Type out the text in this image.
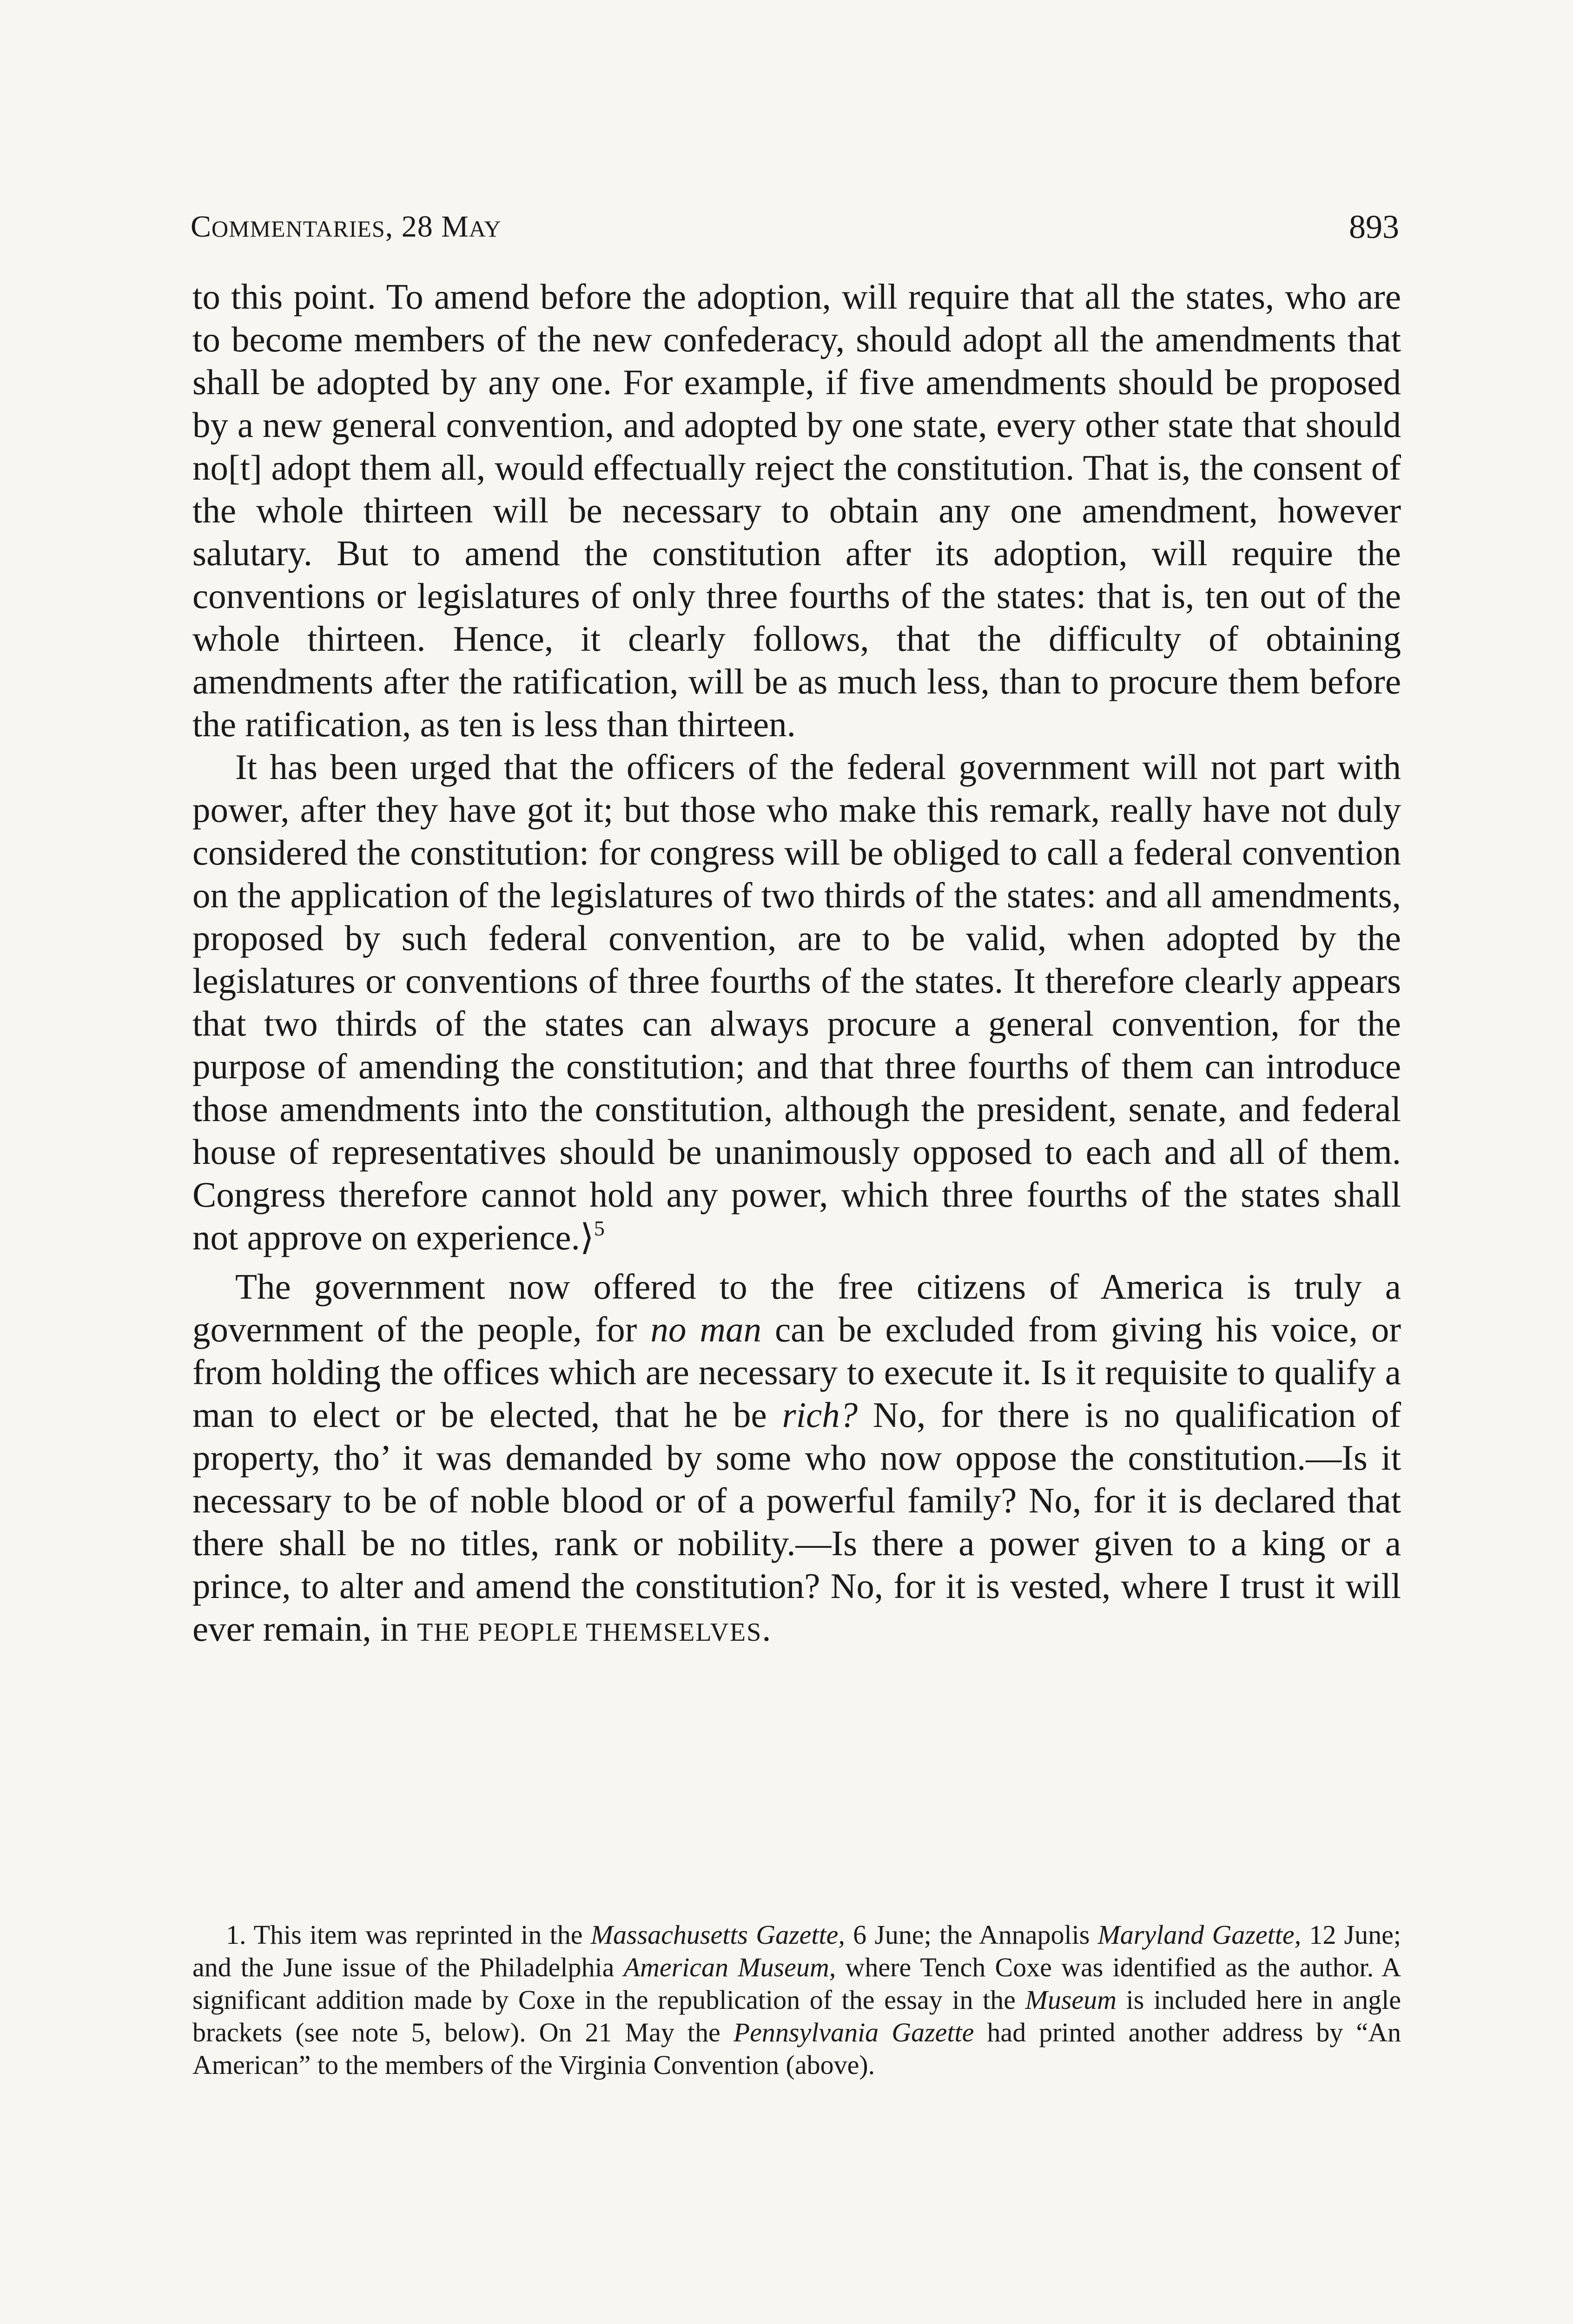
COMMENTARIES, 28 MAY	893

to this point. To amend before the adoption, will require that all the states, who are to become members of the new confederacy, should adopt all the amendments that shall be adopted by any one. For example, if five amendments should be proposed by a new general convention, and adopted by one state, every other state that should no[t] adopt them all, would effectually reject the constitution. That is, the consent of the whole thirteen will be necessary to obtain any one amendment, however salutary. But to amend the constitution after its adoption, will require the conventions or legislatures of only three fourths of the states: that is, ten out of the whole thirteen. Hence, it clearly follows, that the difficulty of obtaining amendments after the ratification, will be as much less, than to procure them before the ratification, as ten is less than thirteen.

It has been urged that the officers of the federal government will not part with power, after they have got it; but those who make this remark, really have not duly considered the constitution: for congress will be obliged to call a federal convention on the application of the legislatures of two thirds of the states: and all amendments, proposed by such federal convention, are to be valid, when adopted by the legislatures or conventions of three fourths of the states. It therefore clearly appears that two thirds of the states can always procure a general convention, for the purpose of amending the constitution; and that three fourths of them can introduce those amendments into the constitution, although the president, senate, and federal house of representatives should be unanimously opposed to each and all of them. Congress therefore cannot hold any power, which three fourths of the states shall not approve on experience.⟩$^5$

The government now offered to the free citizens of America is truly a government of the people, for no man can be excluded from giving his voice, or from holding the offices which are necessary to execute it. Is it requisite to qualify a man to elect or be elected, that he be rich? No, for there is no qualification of property, tho’ it was demanded by some who now oppose the constitution.—Is it necessary to be of noble blood or of a powerful family? No, for it is declared that there shall be no titles, rank or nobility.—Is there a power given to a king or a prince, to alter and amend the constitution? No, for it is vested, where I trust it will ever remain, in THE PEOPLE THEMSELVES.

1. This item was reprinted in the Massachusetts Gazette, 6 June; the Annapolis Maryland Gazette, 12 June; and the June issue of the Philadelphia American Museum, where Tench Coxe was identified as the author. A significant addition made by Coxe in the republication of the essay in the Museum is included here in angle brackets (see note 5, below). On 21 May the Pennsylvania Gazette had printed another address by “An American” to the members of the Virginia Convention (above).
